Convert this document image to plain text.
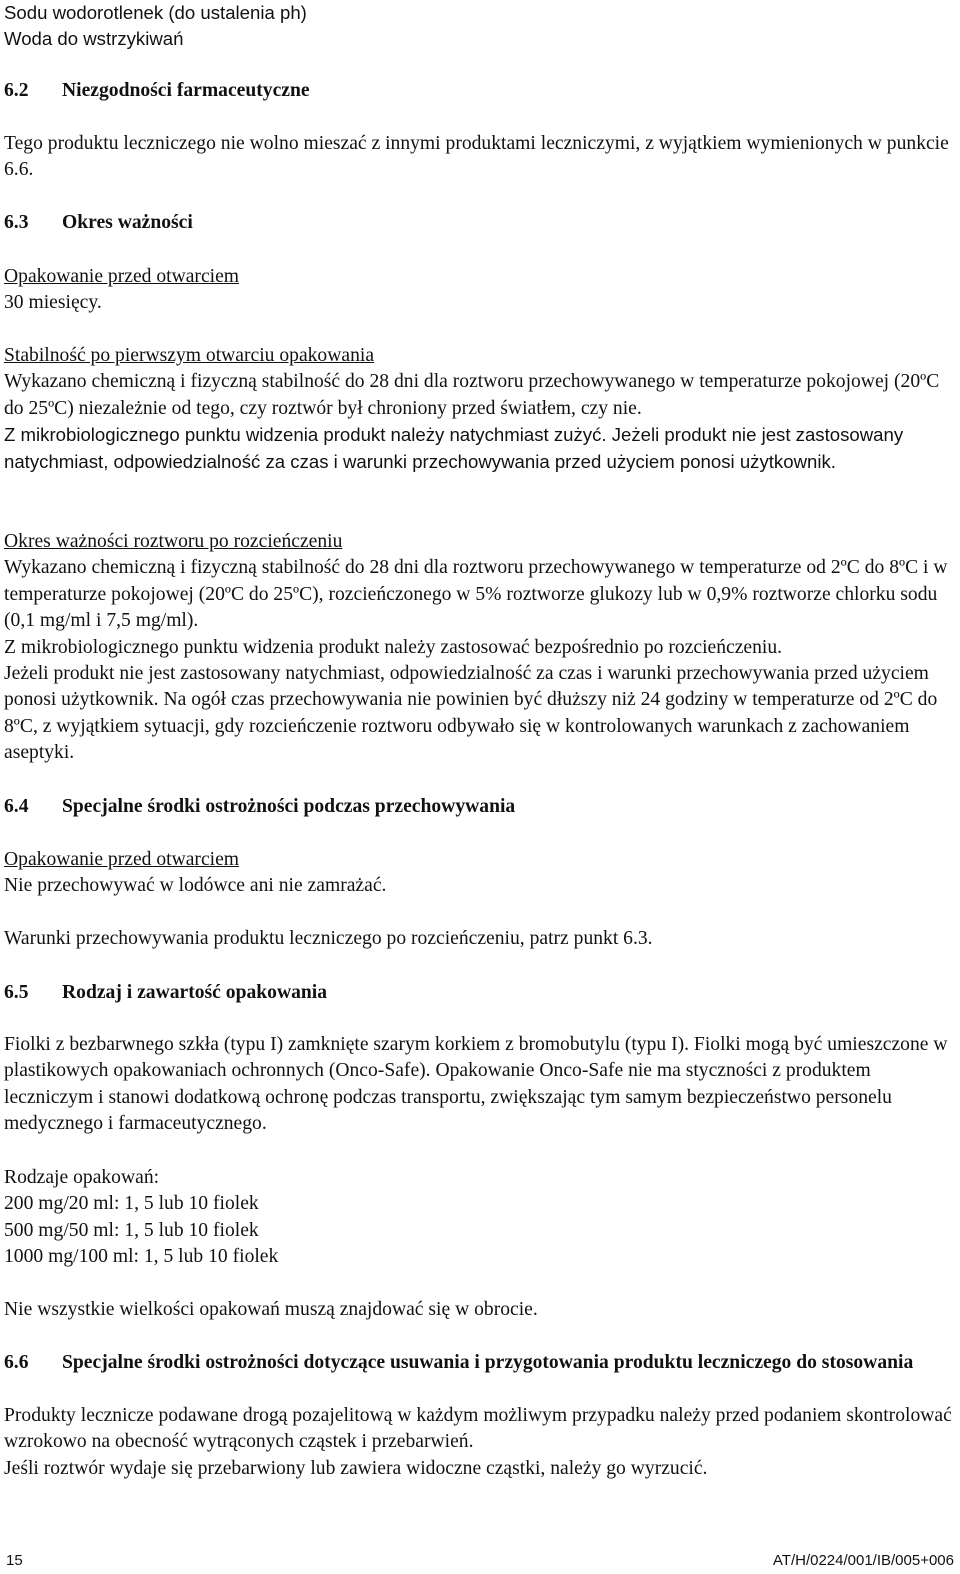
Sodu wodorotlenek (do ustalenia ph)
Woda do wstrzykiwań
6.2 Niezgodności farmaceutyczne

Tego produktu leczniczego nie wolno mieszać z innymi produktami leczniczymi, z wyjątkiem wymienionych w punkcie 6.6.

6.3 Okres ważności
Opakowanie przed otwarciem
30 miesięcy.
Stabilność po pierwszym otwarciu opakowania
Wykazano chemiczną i fizyczną stabilność do 28 dni dla roztworu przechowywanego w temperaturze pokojowej (20ºC do 25ºC) niezależnie od tego, czy roztwór był chroniony przed światłem, czy nie.
Z mikrobiologicznego punktu widzenia produkt należy natychmiast zużyć. Jeżeli produkt nie jest zastosowany natychmiast, odpowiedzialność za czas i warunki przechowywania przed użyciem ponosi użytkownik.
Okres ważności roztworu po rozcieńczeniu
Wykazano chemiczną i fizyczną stabilność do 28 dni dla roztworu przechowywanego w temperaturze od 2ºC do 8ºC i w temperaturze pokojowej (20ºC do 25ºC), rozcieńczonego w 5% roztworze glukozy lub w 0,9% roztworze chlorku sodu (0,1 mg/ml i 7,5 mg/ml).
Z mikrobiologicznego punktu widzenia produkt należy zastosować bezpośrednio po rozcieńczeniu.
Jeżeli produkt nie jest zastosowany natychmiast, odpowiedzialność za czas i warunki przechowywania przed użyciem ponosi użytkownik. Na ogół czas przechowywania nie powinien być dłuższy niż 24 godziny w temperaturze od 2ºC do 8ºC, z wyjątkiem sytuacji, gdy rozcieńczenie roztworu odbywało się w kontrolowanych warunkach z zachowaniem aseptyki.
6.4 Specjalne środki ostrożności podczas przechowywania
Opakowanie przed otwarciem
Nie przechowywać w lodówce ani nie zamrażać.

Warunki przechowywania produktu leczniczego po rozcieńczeniu, patrz punkt 6.3.

6.5 Rodzaj i zawartość opakowania

Fiolki z bezbarwnego szkła (typu I) zamknięte szarym korkiem z bromobutylu (typu I). Fiolki mogą być umieszczone w plastikowych opakowaniach ochronnych (Onco-Safe). Opakowanie Onco-Safe nie ma styczności z produktem leczniczym i stanowi dodatkową ochronę podczas transportu, zwiększając tym samym bezpieczeństwo personelu medycznego i farmaceutycznego.

Rodzaje opakowań:
200 mg/20 ml: 1, 5 lub 10 fiolek
500 mg/50 ml: 1, 5 lub 10 fiolek
1000 mg/100 ml: 1, 5 lub 10 fiolek

Nie wszystkie wielkości opakowań muszą znajdować się w obrocie.

6.6	Specjalne środki ostrożności dotyczące usuwania i przygotowania produktu leczniczego do stosowania
Produkty lecznicze podawane drogą pozajelitową w każdym możliwym przypadku należy przed podaniem skontrolować wzrokowo na obecność wytrąconych cząstek i przebarwień.
Jeśli roztwór wydaje się przebarwiony lub zawiera widoczne cząstki, należy go wyrzucić.
15	AT/H/0224/001/IB/005+006
